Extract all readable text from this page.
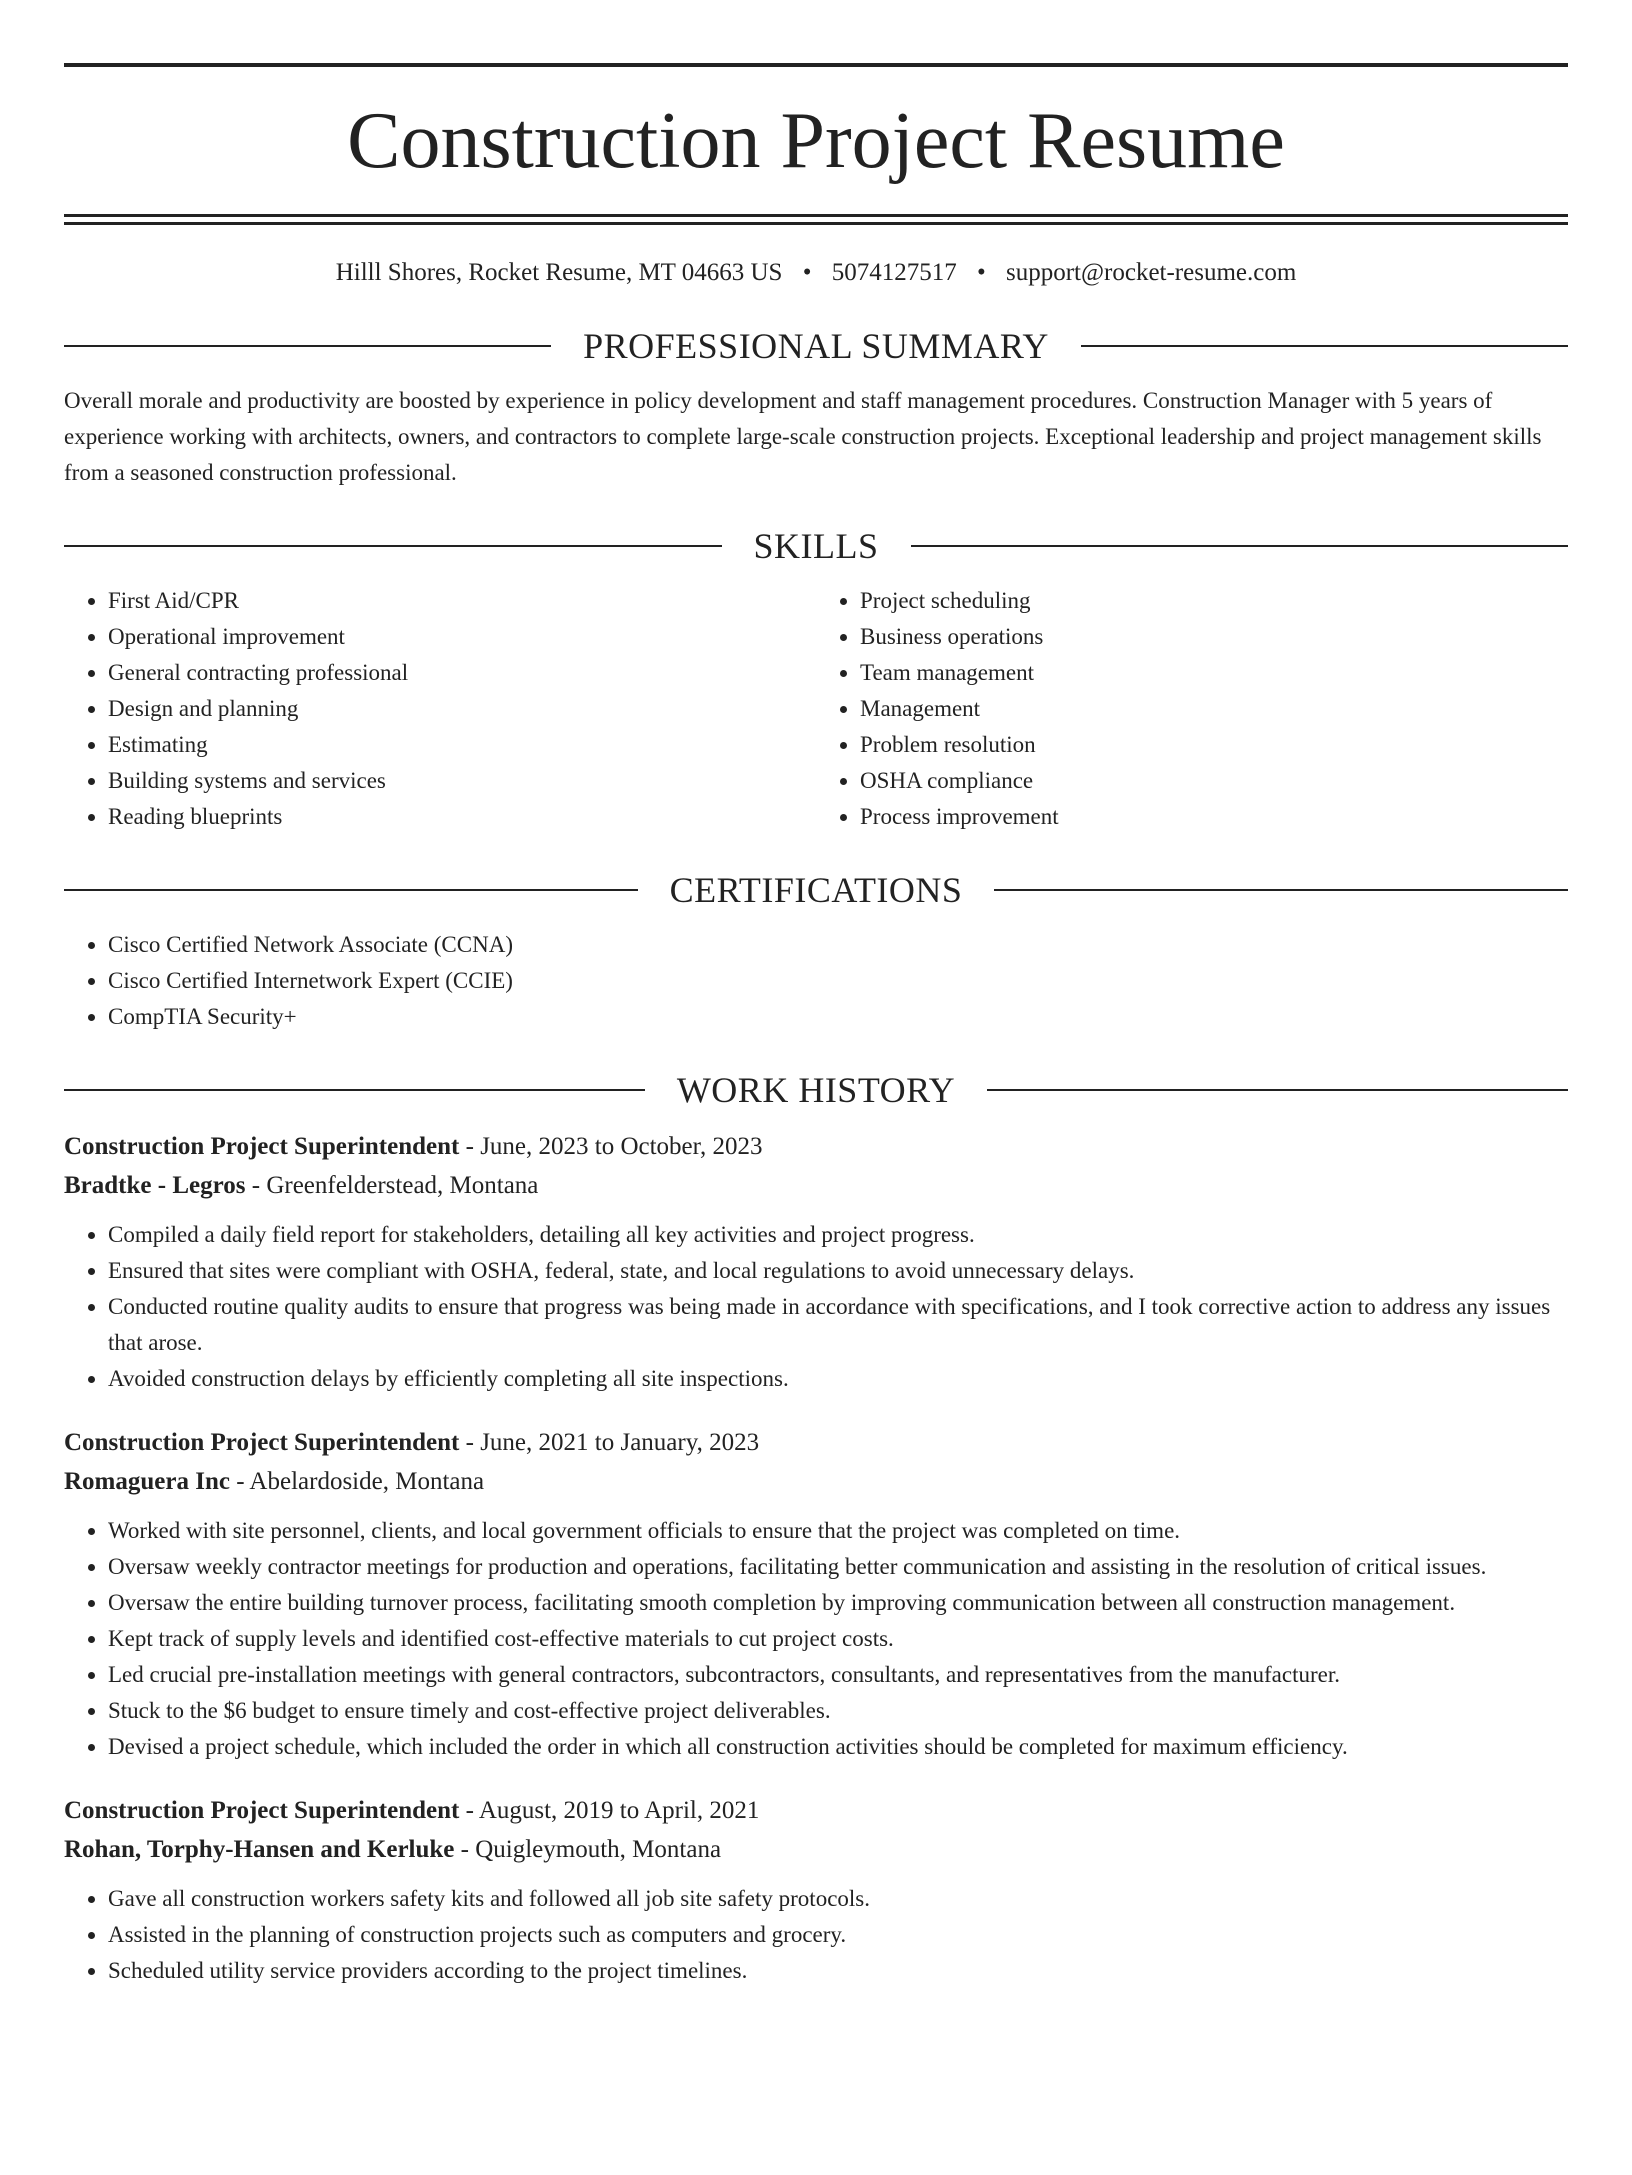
Construction Project Resume
Hilll Shores, Rocket Resume, MT 04663 US • 5074127517 • support@rocket-resume.com
PROFESSIONAL SUMMARY

Overall morale and productivity are boosted by experience in policy development and staff management procedures. Construction Manager with 5 years of experience working with architects, owners, and contractors to complete large-scale construction projects. Exceptional leadership and project management skills from a seasoned construction professional.

SKILLS
• First Aid/CPR
• Operational improvement
• General contracting professional
• Design and planning
• Estimating
• Building systems and services
• Reading blueprints
• Project scheduling
• Business operations
• Team management
• Management
• Problem resolution
• OSHA compliance
• Process improvement
CERTIFICATIONS
• Cisco Certified Network Associate (CCNA)
• Cisco Certified Internetwork Expert (CCIE)
• CompTIA Security+
WORK HISTORY
Construction Project Superintendent - June, 2023 to October, 2023
Bradtke - Legros - Greenfelderstead, Montana
• Compiled a daily field report for stakeholders, detailing all key activities and project progress.
• Ensured that sites were compliant with OSHA, federal, state, and local regulations to avoid unnecessary delays.
• Conducted routine quality audits to ensure that progress was being made in accordance with specifications, and I took corrective action to address any issues that arose.
• Avoided construction delays by efficiently completing all site inspections.
Construction Project Superintendent - June, 2021 to January, 2023
Romaguera Inc - Abelardoside, Montana
• Worked with site personnel, clients, and local government officials to ensure that the project was completed on time.
• Oversaw weekly contractor meetings for production and operations, facilitating better communication and assisting in the resolution of critical issues.
• Oversaw the entire building turnover process, facilitating smooth completion by improving communication between all construction management.
• Kept track of supply levels and identified cost-effective materials to cut project costs.
• Led crucial pre-installation meetings with general contractors, subcontractors, consultants, and representatives from the manufacturer.
• Stuck to the $6 budget to ensure timely and cost-effective project deliverables.
• Devised a project schedule, which included the order in which all construction activities should be completed for maximum efficiency.
Construction Project Superintendent - August, 2019 to April, 2021
Rohan, Torphy-Hansen and Kerluke - Quigleymouth, Montana
• Gave all construction workers safety kits and followed all job site safety protocols.
• Assisted in the planning of construction projects such as computers and grocery.
• Scheduled utility service providers according to the project timelines.
